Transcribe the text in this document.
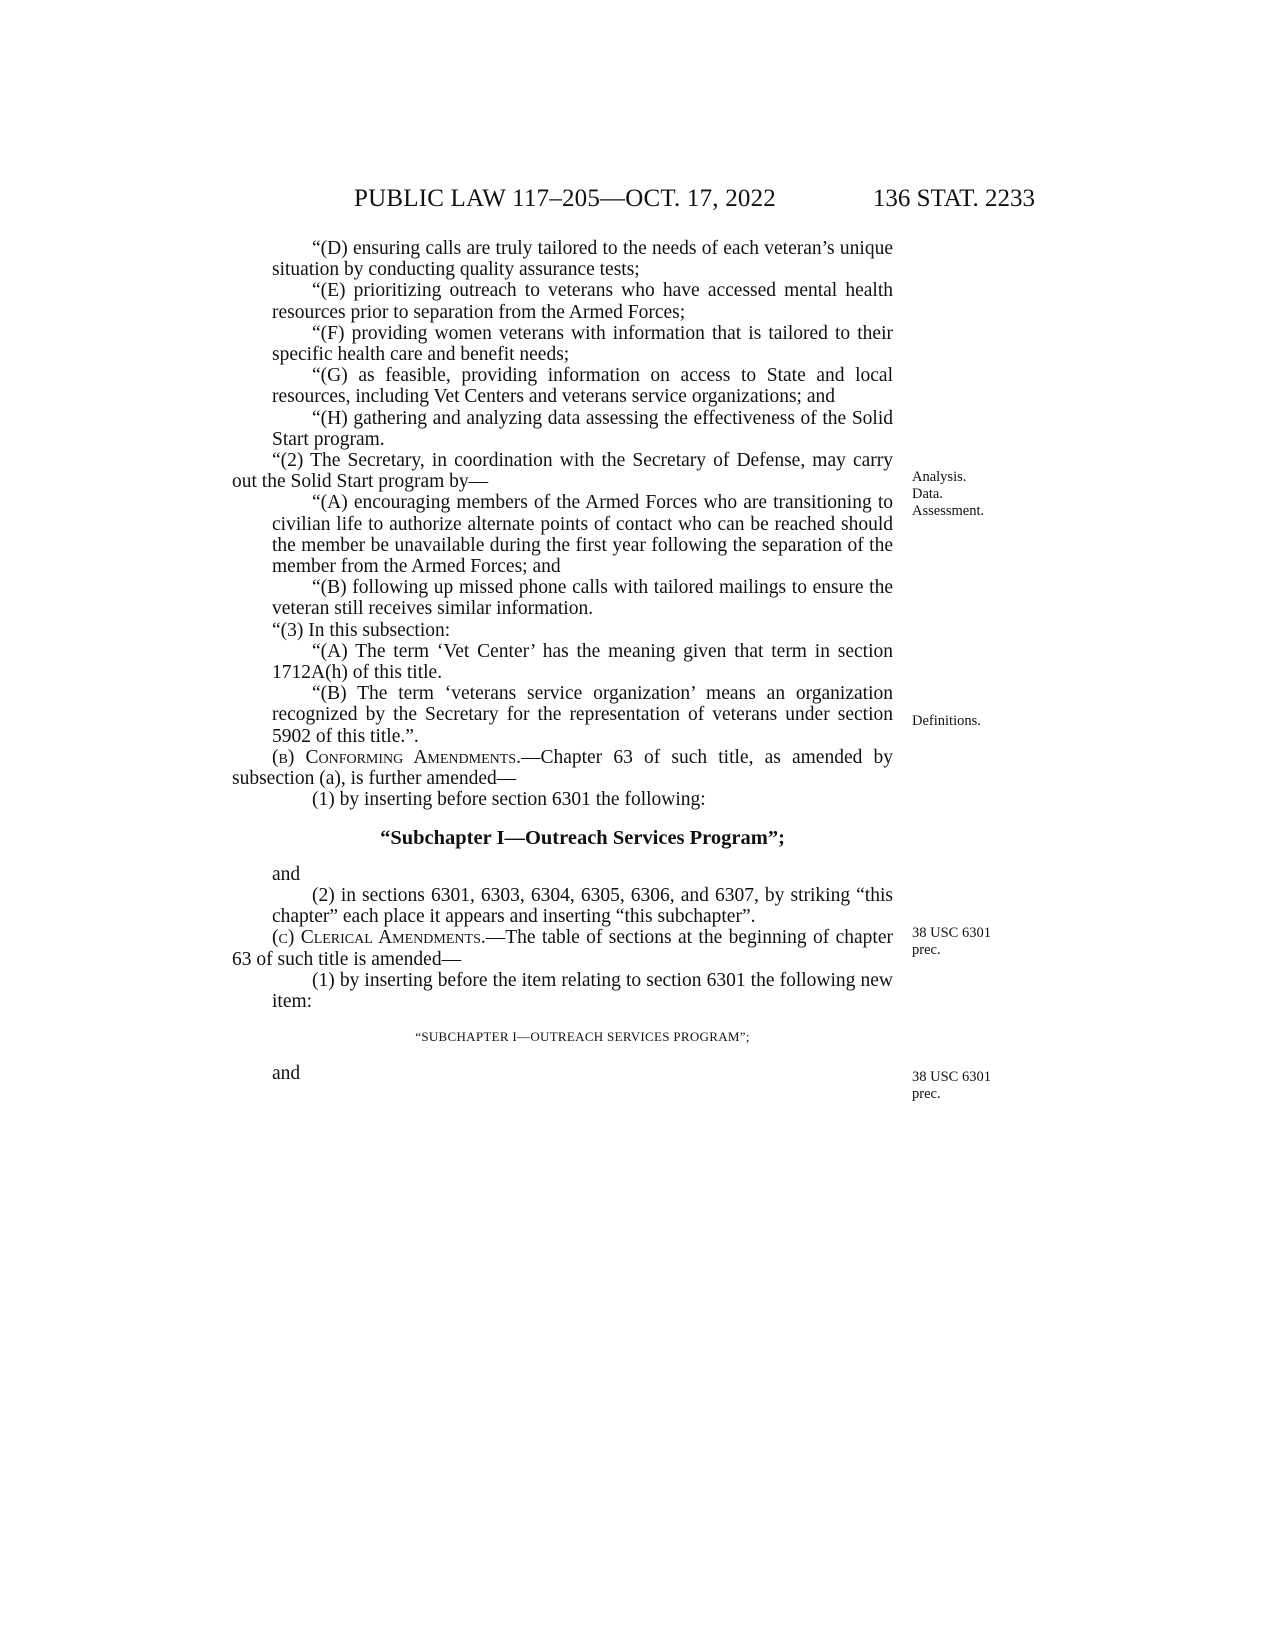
PUBLIC LAW 117–205—OCT. 17, 2022	136 STAT. 2233

“(D) ensuring calls are truly tailored to the needs of each veteran’s unique situation by conducting quality assurance tests;

“(E) prioritizing outreach to veterans who have accessed mental health resources prior to separation from the Armed Forces;

“(F) providing women veterans with information that is tailored to their specific health care and benefit needs;

“(G) as feasible, providing information on access to State and local resources, including Vet Centers and veterans service organizations; and

“(H) gathering and analyzing data assessing the effectiveness of the Solid Start program.

“(2) The Secretary, in coordination with the Secretary of Defense, may carry out the Solid Start program by—

“(A) encouraging members of the Armed Forces who are transitioning to civilian life to authorize alternate points of contact who can be reached should the member be unavailable during the first year following the separation of the member from the Armed Forces; and

“(B) following up missed phone calls with tailored mailings to ensure the veteran still receives similar information.

“(3) In this subsection:

“(A) The term ‘Vet Center’ has the meaning given that term in section 1712A(h) of this title.

“(B) The term ‘veterans service organization’ means an organization recognized by the Secretary for the representation of veterans under section 5902 of this title.”.

(b) Conforming Amendments.—Chapter 63 of such title, as amended by subsection (a), is further amended—

(1) by inserting before section 6301 the following:

“Subchapter I—Outreach Services Program”;

and

(2) in sections 6301, 6303, 6304, 6305, 6306, and 6307, by striking “this chapter” each place it appears and inserting “this subchapter”.

(c) Clerical Amendments.—The table of sections at the beginning of chapter 63 of such title is amended—

(1) by inserting before the item relating to section 6301 the following new item:

“SUBCHAPTER I—OUTREACH SERVICES PROGRAM”;

and

Analysis.
Data.
Assessment.
Definitions.
38 USC 6301
prec.
38 USC 6301
prec.
